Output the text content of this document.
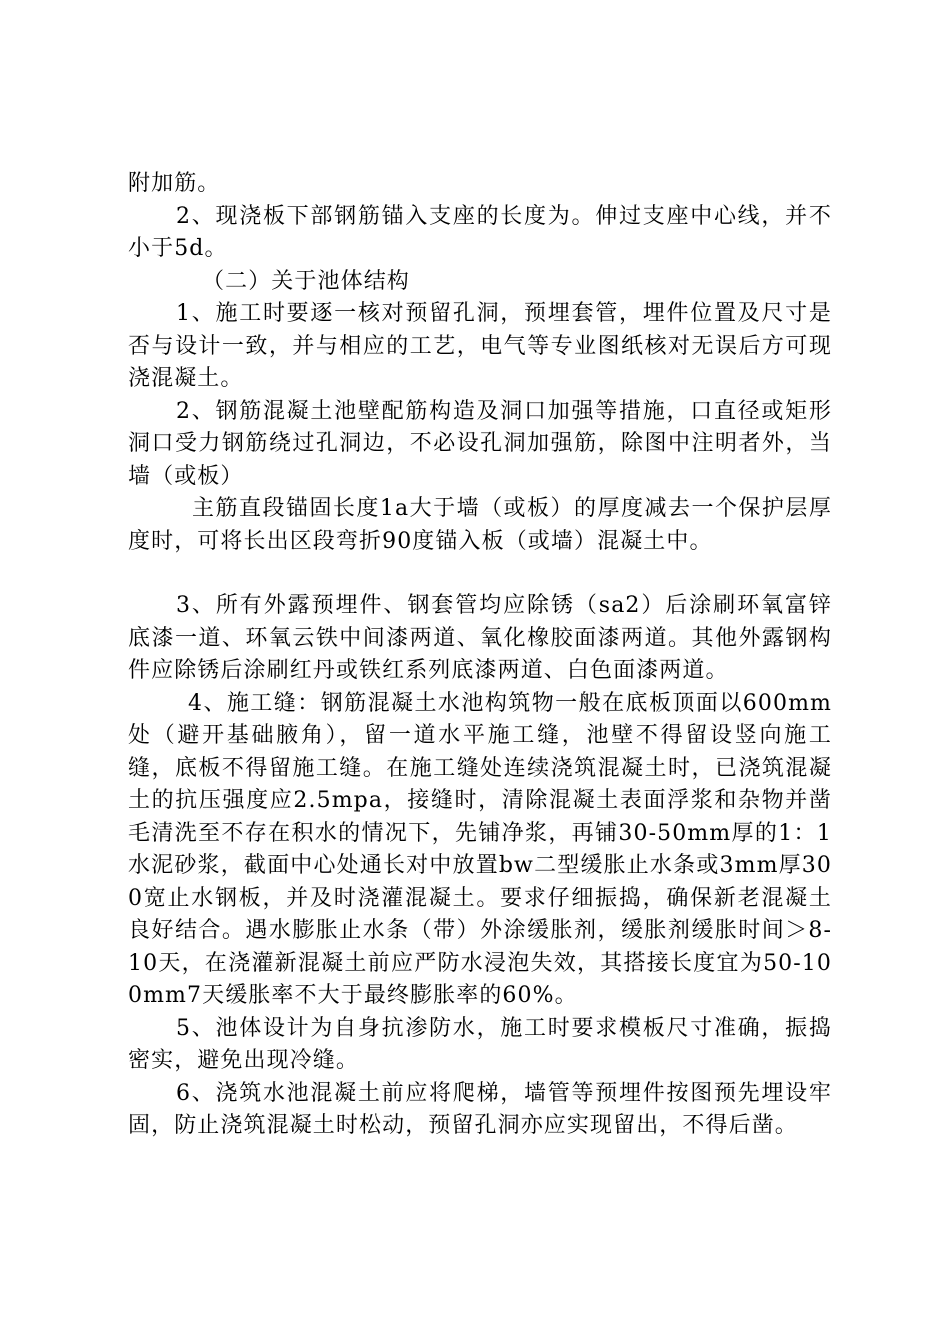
附加筋。

2、现浇板下部钢筋锚入支座的长度为。伸过支座中心线，并不小于5d。

（二）关于池体结构

1、施工时要逐一核对预留孔洞，预埋套管，埋件位置及尺寸是否与设计一致，并与相应的工艺，电气等专业图纸核对无误后方可现浇混凝土。

2、钢筋混凝土池壁配筋构造及洞口加强等措施，口直径或矩形洞口受力钢筋绕过孔洞边，不必设孔洞加强筋，除图中注明者外，当墙（或板）

主筋直段锚固长度1a大于墙（或板）的厚度减去一个保护层厚度时，可将长出区段弯折90度锚入板（或墙）混凝土中。

3、所有外露预埋件、钢套管均应除锈（sa2）后涂刷环氧富锌底漆一道、环氧云铁中间漆两道、氧化橡胶面漆两道。其他外露钢构件应除锈后涂刷红丹或铁红系列底漆两道、白色面漆两道。

4、施工缝：钢筋混凝土水池构筑物一般在底板顶面以600mm处（避开基础腋角），留一道水平施工缝，池壁不得留设竖向施工缝，底板不得留施工缝。在施工缝处连续浇筑混凝土时，已浇筑混凝土的抗压强度应2.5mpa，接缝时，清除混凝土表面浮浆和杂物并凿毛清洗至不存在积水的情况下，先铺净浆，再铺30-50mm厚的1：1水泥砂浆，截面中心处通长对中放置bw二型缓胀止水条或3mm厚300宽止水钢板，并及时浇灌混凝土。要求仔细振捣，确保新老混凝土良好结合。遇水膨胀止水条（带）外涂缓胀剂，缓胀剂缓胀时间＞8-10天，在浇灌新混凝土前应严防水浸泡失效，其搭接长度宜为50-100mm7天缓胀率不大于最终膨胀率的60%。

5、池体设计为自身抗渗防水，施工时要求模板尺寸准确，振捣密实，避免出现冷缝。

6、浇筑水池混凝土前应将爬梯，墙管等预埋件按图预先埋设牢固，防止浇筑混凝土时松动，预留孔洞亦应实现留出，不得后凿。
